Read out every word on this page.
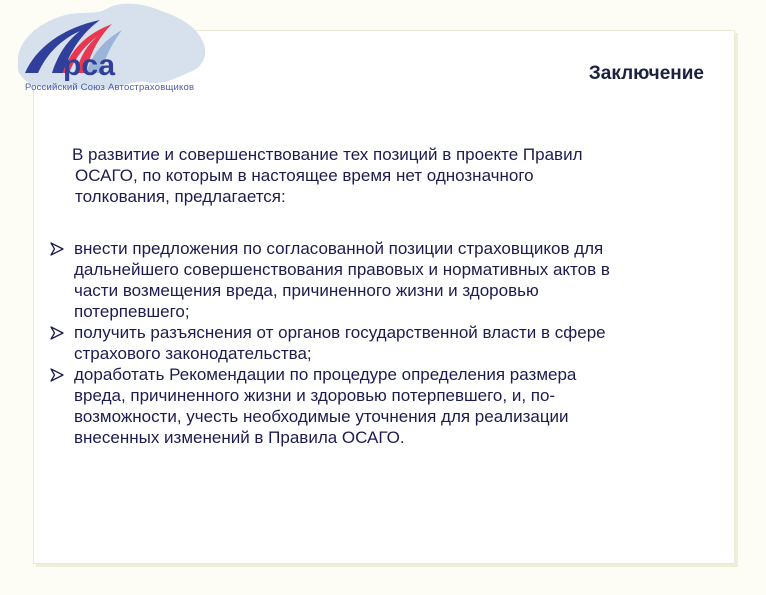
рса
Российский Союз Автостраховщиков
Заключение

В развитие и совершенствование тех позиций в проекте Правил
ОСАГО, по которым в настоящее время нет однозначного
толкования, предлагается:

внести предложения по согласованной позиции страховщиков для
дальнейшего совершенствования правовых и нормативных актов в
части возмещения вреда, причиненного жизни и здоровью
потерпевшего;
получить разъяснения от органов государственной власти в сфере
страхового законодательства;
доработать Рекомендации по процедуре определения размера
вреда, причиненного жизни и здоровью потерпевшего, и, по-
возможности, учесть необходимые уточнения для реализации
внесенных изменений в Правила ОСАГО.
